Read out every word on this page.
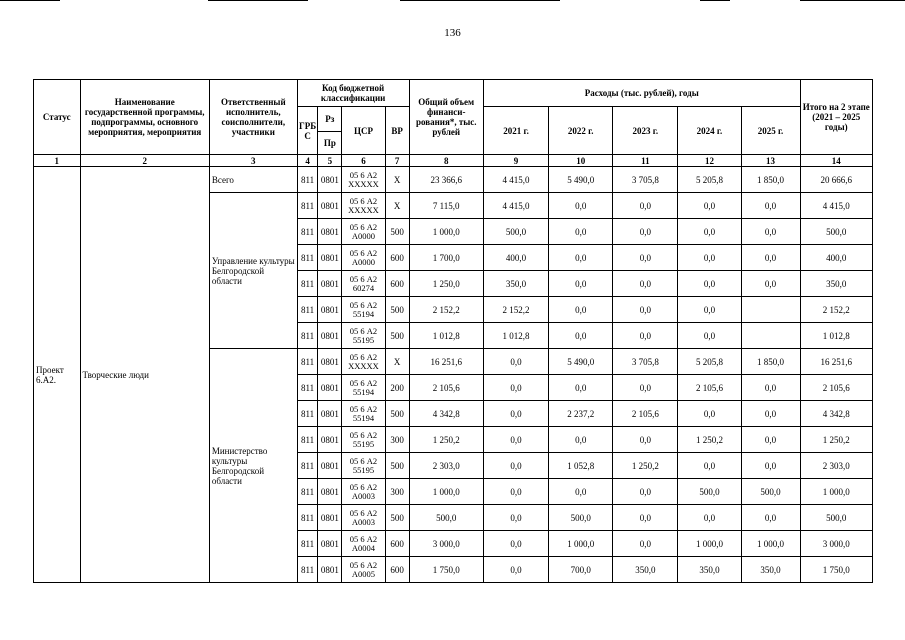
136
Статус	Наименование государственной программы, подпрограммы, основного мероприятия, мероприятия	Ответственный исполнитель, соисполнители, участники	Код бюджетной классификации				Общий объем финанси-рования*, тыс. рублей	Расходы (тыс. рублей), годы					Итого на 2 этапе (2021 – 2025 годы)
			ГРБ С	Рз	ЦСР	ВР		2021 г.	2022 г.	2023 г.	2024 г.	2025 г.	
				Пр									
1	2	3	4	5	6	7	8	9	10	11	12	13	14
Проект 6.А2.	Творческие люди	Всего	811	0801	05 6 А2 XXXXX	X	23 366,6	4 415,0	5 490,0	3 705,8	5 205,8	1 850,0	20 666,6
		Управление культуры Белгородской области	811	0801	05 6 А2 XXXXX	X	7 115,0	4 415,0	0,0	0,0	0,0	0,0	4 415,0
			811	0801	05 6 А2 А0000	500	1 000,0	500,0	0,0	0,0	0,0	0,0	500,0
			811	0801	05 6 А2 А0000	600	1 700,0	400,0	0,0	0,0	0,0	0,0	400,0
			811	0801	05 6 А2 60274	600	1 250,0	350,0	0,0	0,0	0,0	0,0	350,0
			811	0801	05 6 А2 55194	500	2 152,2	2 152,2	0,0	0,0	0,0		2 152,2
			811	0801	05 6 А2 55195	500	1 012,8	1 012,8	0,0	0,0	0,0		1 012,8
		Министерство культуры Белгородской области	811	0801	05 6 А2 XXXXX	X	16 251,6	0,0	5 490,0	3 705,8	5 205,8	1 850,0	16 251,6
			811	0801	05 6 А2 55194	200	2 105,6	0,0	0,0	0,0	2 105,6	0,0	2 105,6
			811	0801	05 6 А2 55194	500	4 342,8	0,0	2 237,2	2 105,6	0,0	0,0	4 342,8
			811	0801	05 6 А2 55195	300	1 250,2	0,0	0,0	0,0	1 250,2	0,0	1 250,2
			811	0801	05 6 А2 55195	500	2 303,0	0,0	1 052,8	1 250,2	0,0	0,0	2 303,0
			811	0801	05 6 А2 А0003	300	1 000,0	0,0	0,0	0,0	500,0	500,0	1 000,0
			811	0801	05 6 А2 А0003	500	500,0	0,0	500,0	0,0	0,0	0,0	500,0
			811	0801	05 6 А2 А0004	600	3 000,0	0,0	1 000,0	0,0	1 000,0	1 000,0	3 000,0
			811	0801	05 6 А2 А0005	600	1 750,0	0,0	700,0	350,0	350,0	350,0	1 750,0
